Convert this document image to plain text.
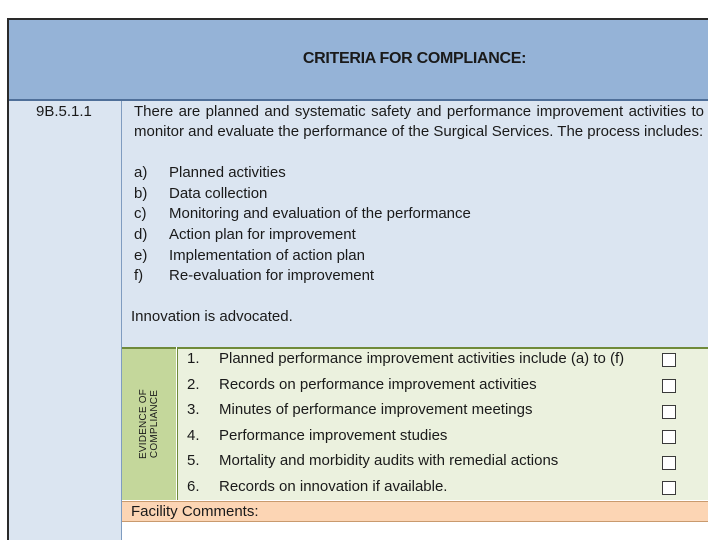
CRITERIA FOR COMPLIANCE:
9B.5.1.1	There are planned and systematic safety and performance improvement activities to monitor and evaluate the performance of the Surgical Services. The process includes:
a) Planned activities
b) Data collection
c) Monitoring and evaluation of the performance
d) Action plan for improvement
e) Implementation of action plan
f) Re-evaluation for improvement
Innovation is advocated.
EVIDENCE OF COMPLIANCE
1. Planned performance improvement activities include (a) to (f)
2. Records on performance improvement activities
3. Minutes of performance improvement meetings
4. Performance improvement studies
5. Mortality and morbidity audits with remedial actions
6. Records on innovation if available.
Facility Comments:
